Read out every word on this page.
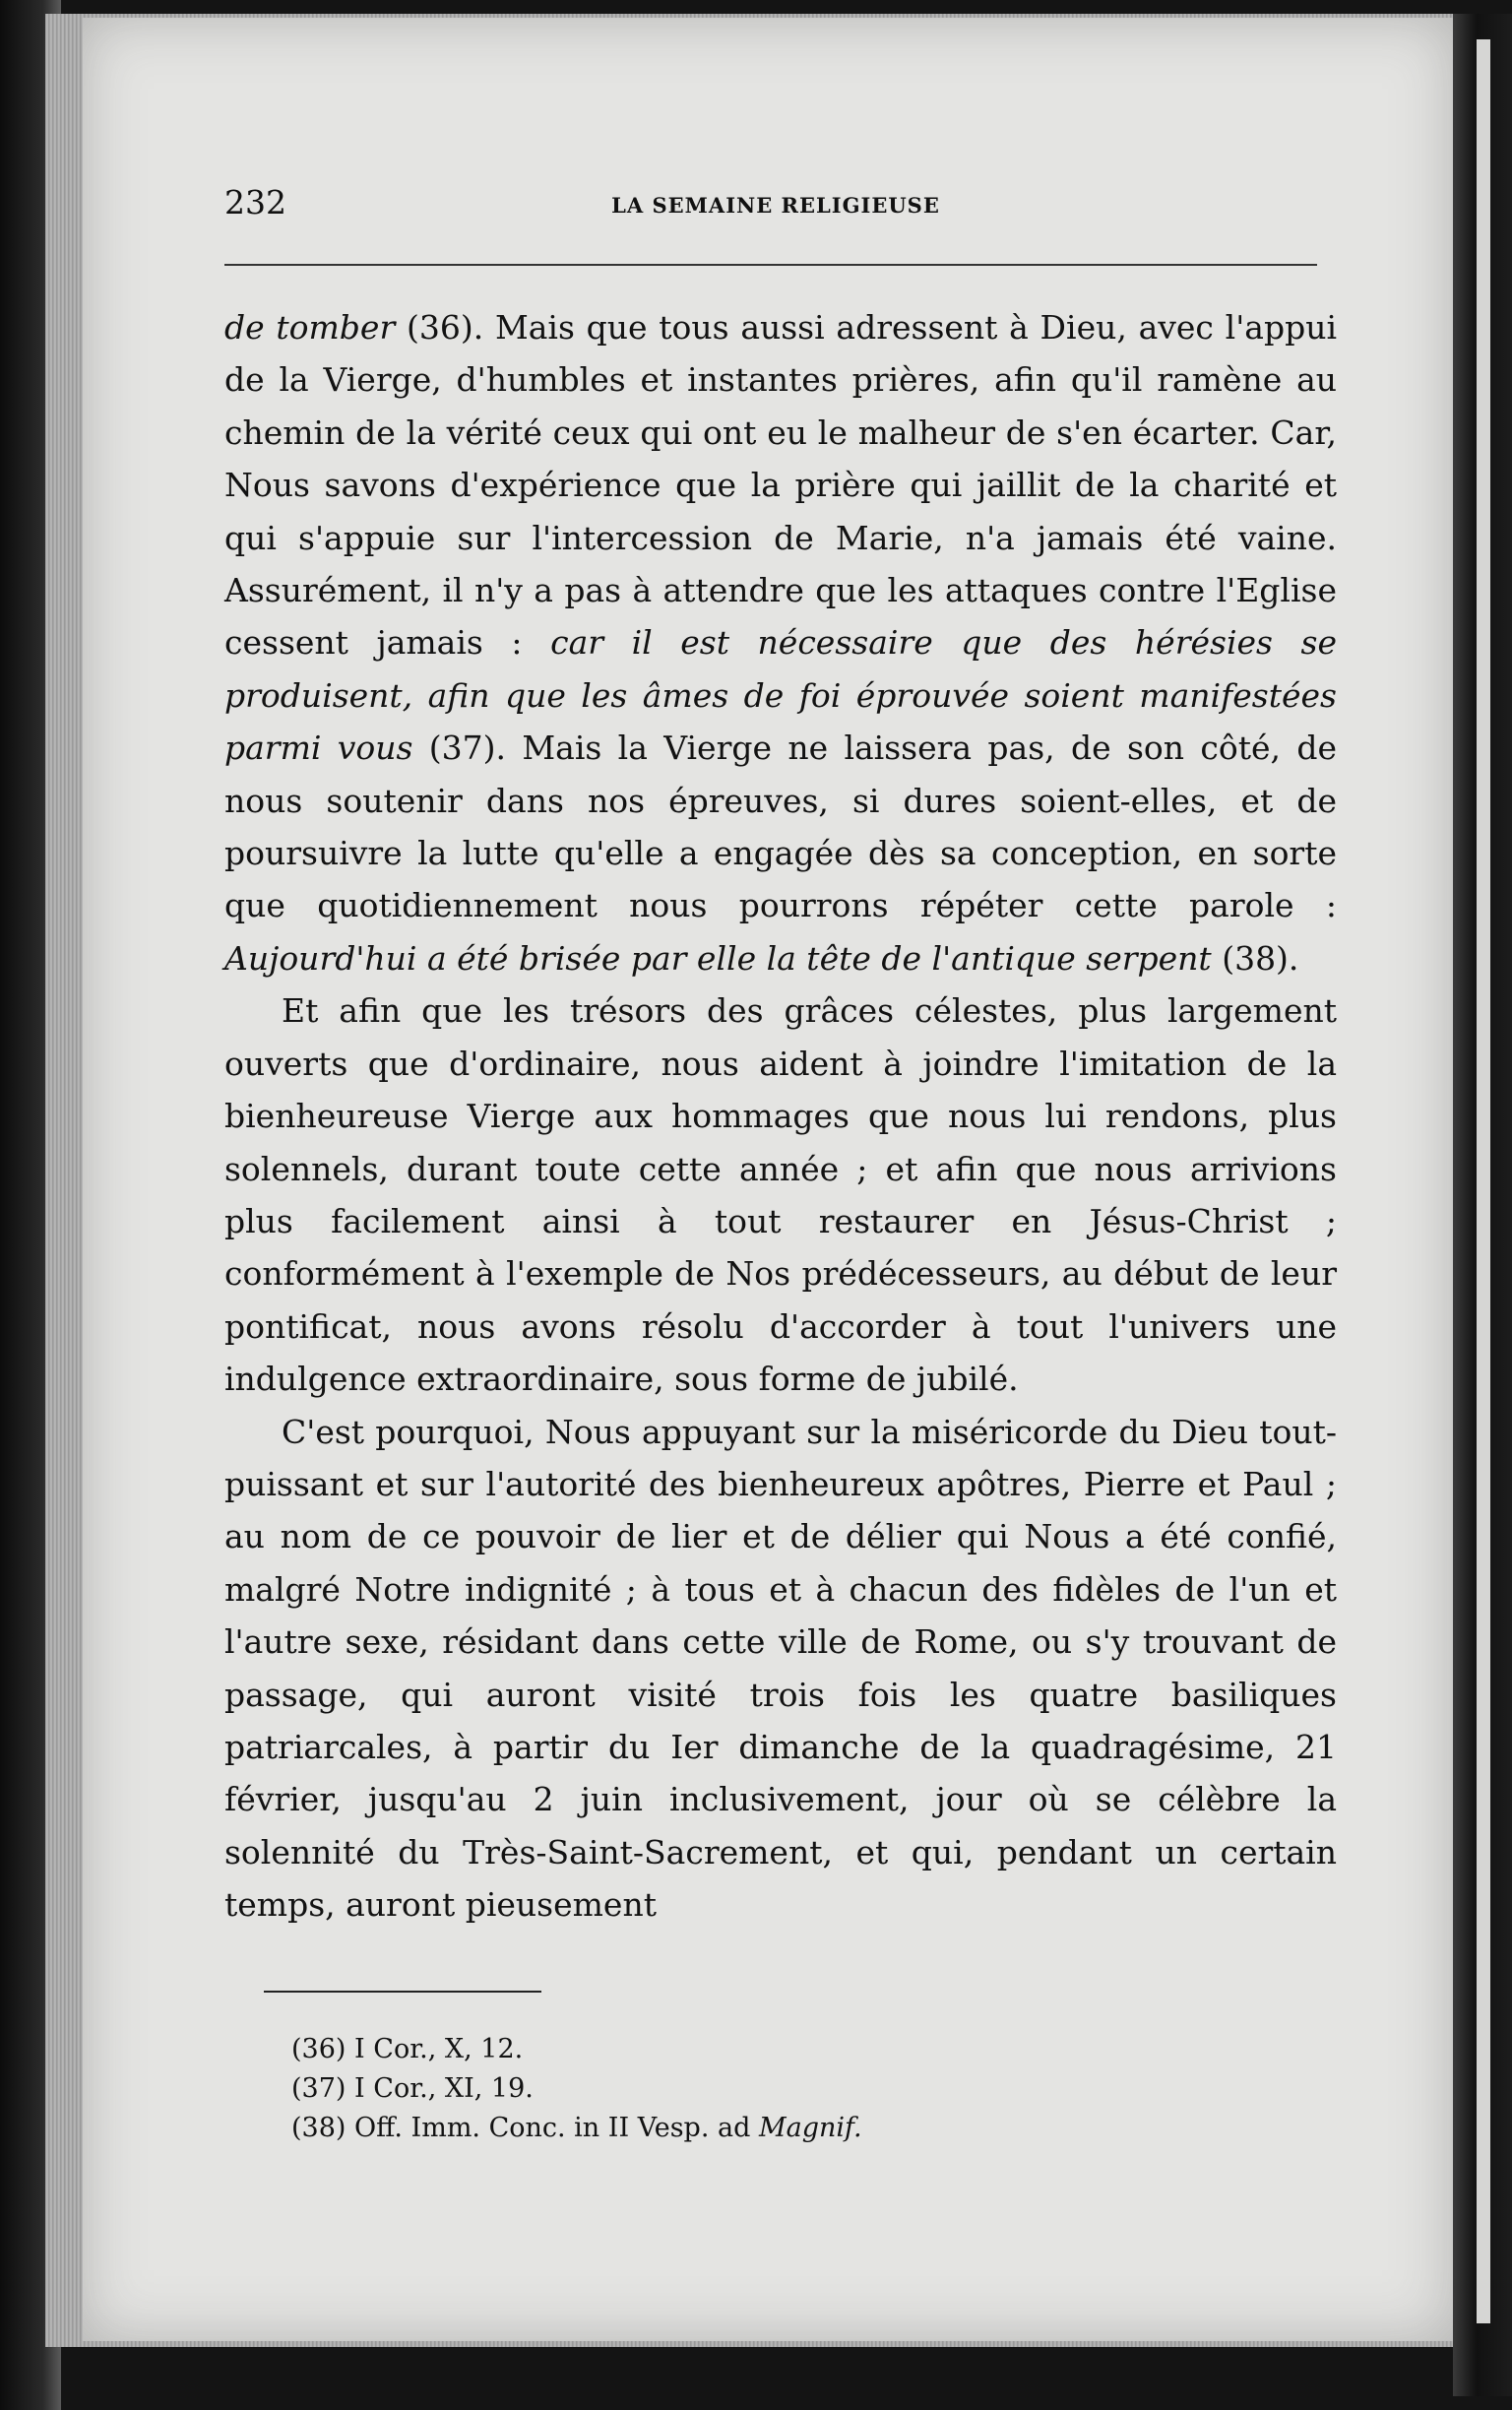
232	LA SEMAINE RELIGIEUSE

de tomber (36). Mais que tous aussi adressent à Dieu, avec l'appui de la Vierge, d'humbles et instantes prières, afin qu'il ramène au chemin de la vérité ceux qui ont eu le malheur de s'en écarter. Car, Nous savons d'expérience que la prière qui jaillit de la charité et qui s'appuie sur l'intercession de Marie, n'a jamais été vaine. Assurément, il n'y a pas à attendre que les attaques contre l'Eglise cessent jamais : car il est nécessaire que des hérésies se produisent, afin que les âmes de foi éprouvée soient manifestées parmi vous (37). Mais la Vierge ne laissera pas, de son côté, de nous soutenir dans nos épreuves, si dures soient-elles, et de poursuivre la lutte qu'elle a engagée dès sa conception, en sorte que quotidiennement nous pourrons répéter cette parole : Aujourd'hui a été brisée par elle la tête de l'antique serpent (38).

Et afin que les trésors des grâces célestes, plus largement ouverts que d'ordinaire, nous aident à joindre l'imitation de la bienheureuse Vierge aux hommages que nous lui rendons, plus solennels, durant toute cette année ; et afin que nous arrivions plus facilement ainsi à tout restaurer en Jésus-Christ ; conformément à l'exemple de Nos prédécesseurs, au début de leur pontificat, nous avons résolu d'accorder à tout l'univers une indulgence extraordinaire, sous forme de jubilé.

C'est pourquoi, Nous appuyant sur la miséricorde du Dieu tout-puissant et sur l'autorité des bienheureux apôtres, Pierre et Paul ; au nom de ce pouvoir de lier et de délier qui Nous a été confié, malgré Notre indignité ; à tous et à chacun des fidèles de l'un et l'autre sexe, résidant dans cette ville de Rome, ou s'y trouvant de passage, qui auront visité trois fois les quatre basiliques patriarcales, à partir du Ier dimanche de la quadragésime, 21 février, jusqu'au 2 juin inclusivement, jour où se célèbre la solennité du Très-Saint-Sacrement, et qui, pendant un certain temps, auront pieusement

(36) I Cor., X, 12.
(37) I Cor., XI, 19.
(38) Off. Imm. Conc. in II Vesp. ad Magnif.
